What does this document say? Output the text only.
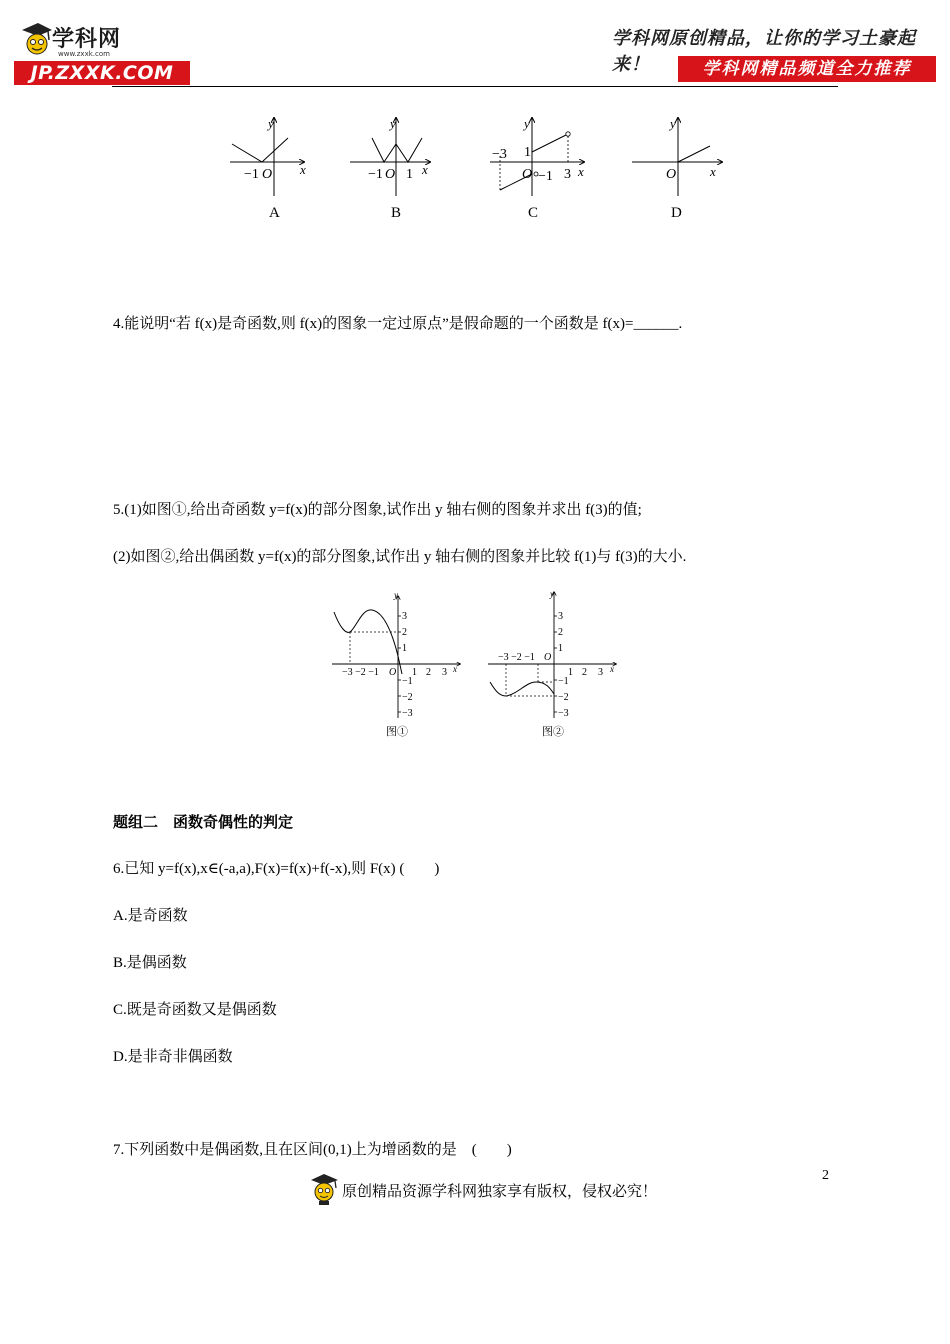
学科网
www.zxxk.com
JP.ZXXK.COM
学科网原创精品，让你的学习土豪起来！	学科网精品频道全力推荐
y
x
−1 O
A
y
x
−1 O 1
B
y
x
−3 1
O −1 3
C
y
x
O
D
4.能说明“若 f(x)是奇函数,则 f(x)的图象一定过原点”是假命题的一个函数是 f(x)=______.
5.(1)如图①,给出奇函数 y=f(x)的部分图象,试作出 y 轴右侧的图象并求出 f(3)的值;
(2)如图②,给出偶函数 y=f(x)的部分图象,试作出 y 轴右侧的图象并比较 f(1)与 f(3)的大小.
y
x
3
2
1
−1
−2
−3
−3 −2 −1 O 1 2 3
图①
y
x
3
2
1
−1
−2
−3
−3 −2 −1 O
1 2 3
图②
题组二　函数奇偶性的判定
6.已知 y=f(x),x∈(-a,a),F(x)=f(x)+f(-x),则 F(x) (　　)
A.是奇函数
B.是偶函数
C.既是奇函数又是偶函数
D.是非奇非偶函数
7.下列函数中是偶函数,且在区间(0,1)上为增函数的是　(　　)
2
原创精品资源学科网独家享有版权，侵权必究！
